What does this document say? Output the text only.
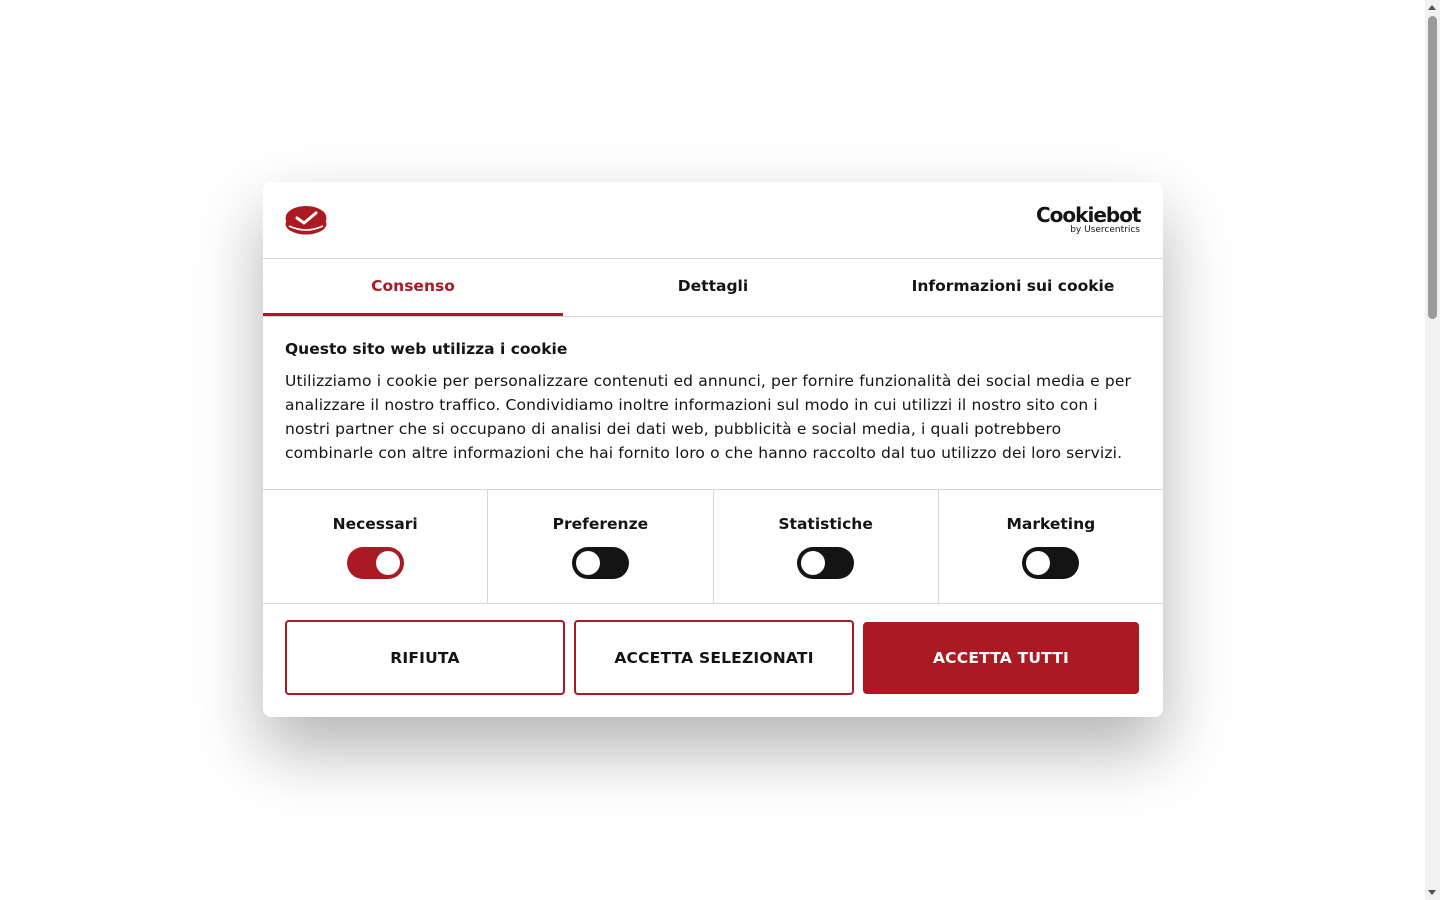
Cookiebot
by Usercentrics
Consenso	Dettagli	Informazioni sui cookie
Questo sito web utilizza i cookie

Utilizziamo i cookie per personalizzare contenuti ed annunci, per fornire funzionalità dei social media e per analizzare il nostro traffico. Condividiamo inoltre informazioni sul modo in cui utilizzi il nostro sito con i nostri partner che si occupano di analisi dei dati web, pubblicità e social media, i quali potrebbero combinarle con altre informazioni che hai fornito loro o che hanno raccolto dal tuo utilizzo dei loro servizi.

Necessari	Preferenze	Statistiche	Marketing
RIFIUTA	ACCETTA SELEZIONATI	ACCETTA TUTTI
